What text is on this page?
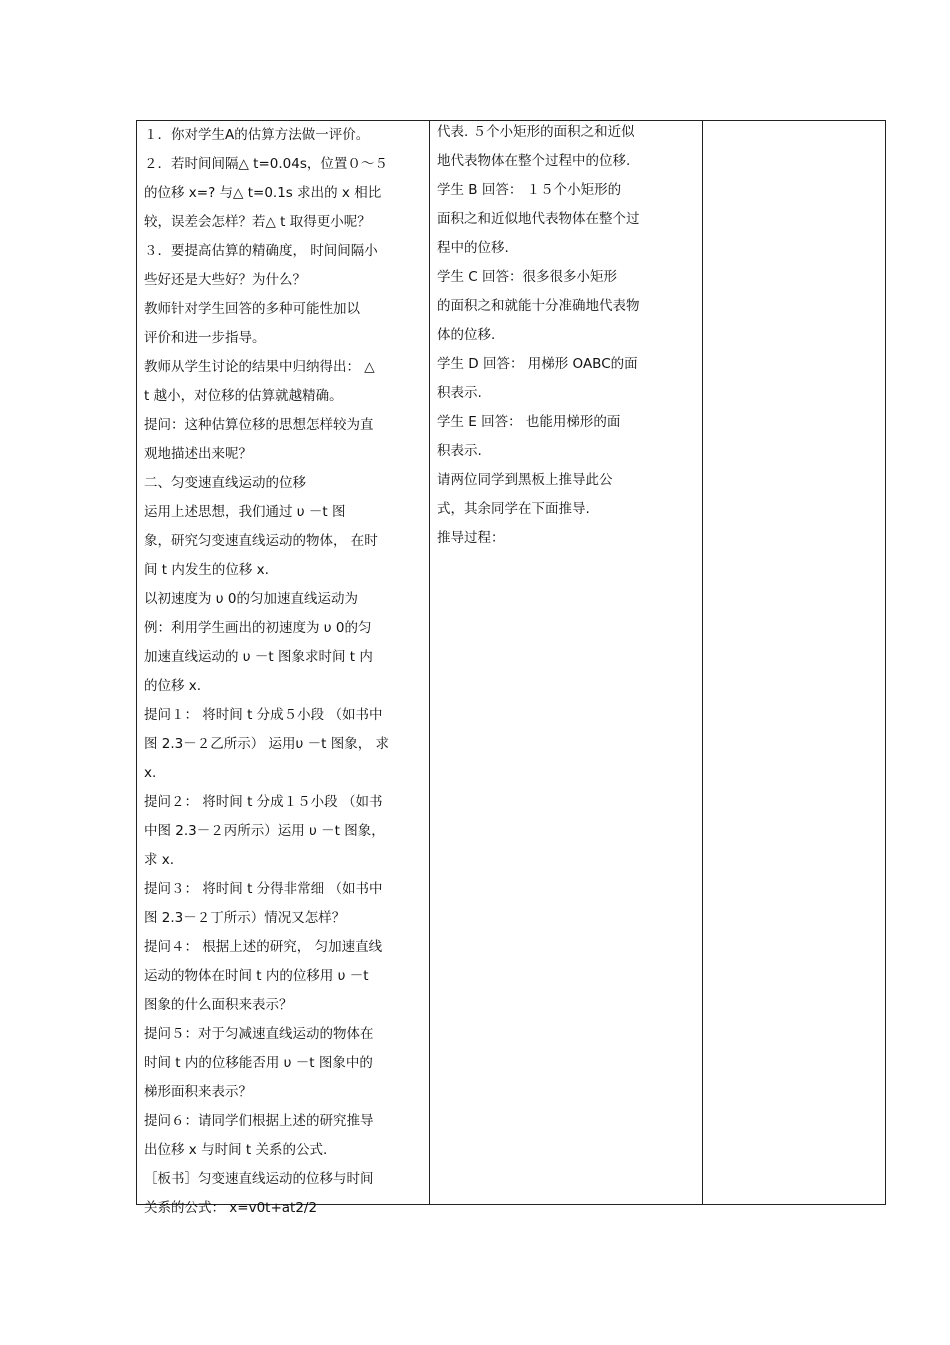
１．你对学生A的估算方法做一评价。
２．若时间间隔△ t=0.04s，位置０～５
的位移 x=? 与△ t=0.1s 求出的 x 相比
较，误差会怎样？若△ t 取得更小呢？
３．要提高估算的精确度， 时间间隔小
些好还是大些好？为什么？
教师针对学生回答的多种可能性加以
评价和进一步指导。
教师从学生讨论的结果中归纳得出： △
t 越小，对位移的估算就越精确。
提问：这种估算位移的思想怎样较为直
观地描述出来呢？
二、匀变速直线运动的位移
运用上述思想，我们通过 υ －t 图
象，研究匀变速直线运动的物体， 在时
间 t 内发生的位移 x.
以初速度为 υ 0的匀加速直线运动为
例：利用学生画出的初速度为 υ 0的匀
加速直线运动的 υ －t 图象求时间 t 内
的位移 x.
提问１： 将时间 t 分成５小段 （如书中
图 2.3－２乙所示） 运用υ －t 图象， 求
x.
提问２： 将时间 t 分成１５小段 （如书
中图 2.3－２丙所示）运用 υ －t 图象，
求 x.
提问３： 将时间 t 分得非常细 （如书中
图 2.3－２丁所示）情况又怎样？
提问４： 根据上述的研究， 匀加速直线
运动的物体在时间 t 内的位移用 υ －t
图象的什么面积来表示？
提问５：对于匀减速直线运动的物体在
时间 t 内的位移能否用 υ －t 图象中的
梯形面积来表示？
提问６：请同学们根据上述的研究推导
出位移 x 与时间 t 关系的公式.
［板书］匀变速直线运动的位移与时间
关系的公式： x=v0t+at2/2
代表. ５个小矩形的面积之和近似
地代表物体在整个过程中的位移.
学生 B 回答： １５个小矩形的
面积之和近似地代表物体在整个过
程中的位移.
学生 C 回答：很多很多小矩形
的面积之和就能十分准确地代表物
体的位移.
学生 D 回答： 用梯形 OABC的面
积表示.
学生 E 回答： 也能用梯形的面
积表示.
请两位同学到黑板上推导此公
式，其余同学在下面推导.
推导过程：
